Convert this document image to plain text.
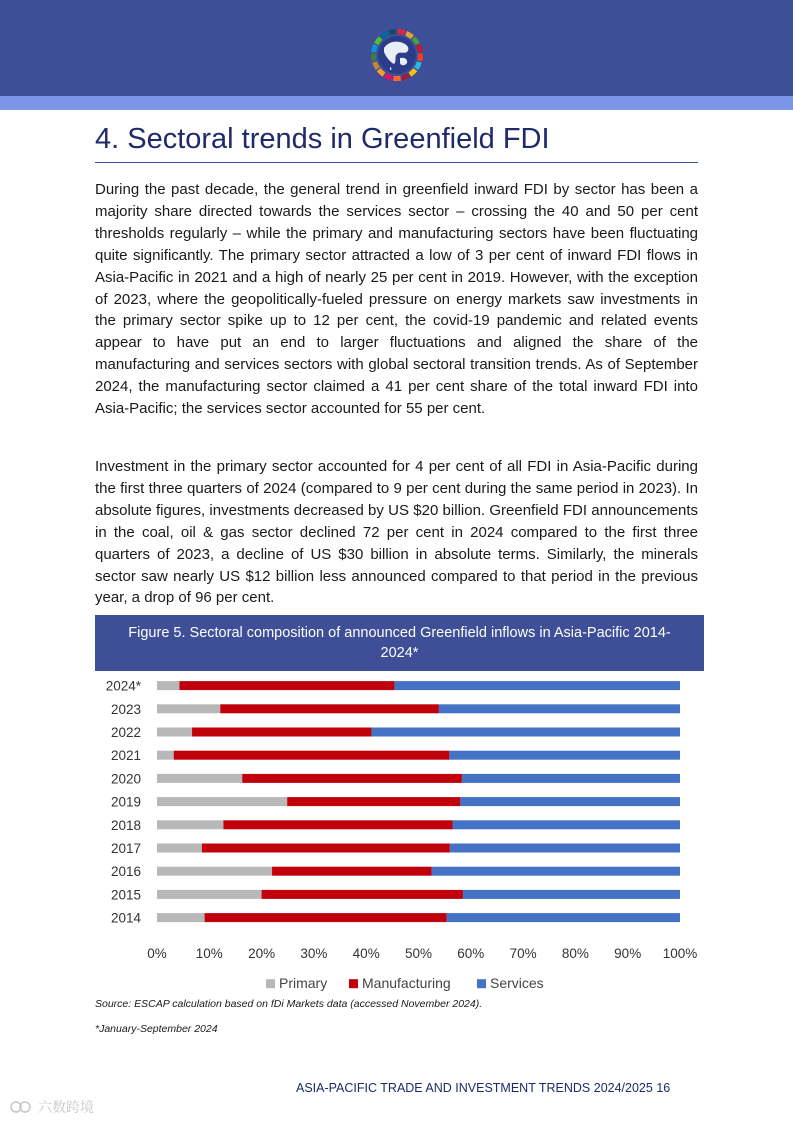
4. Sectoral trends in Greenfield FDI

During the past decade, the general trend in greenfield inward FDI by sector has been a majority share directed towards the services sector – crossing the 40 and 50 per cent thresholds regularly – while the primary and manufacturing sectors have been fluctuating quite significantly. The primary sector attracted a low of 3 per cent of inward FDI flows in Asia-Pacific in 2021 and a high of nearly 25 per cent in 2019. However, with the exception of 2023, where the geopolitically-fueled pressure on energy markets saw investments in the primary sector spike up to 12 per cent, the covid-19 pandemic and related events appear to have put an end to larger fluctuations and aligned the share of the manufacturing and services sectors with global sectoral transition trends. As of September 2024, the manufacturing sector claimed a 41 per cent share of the total inward FDI into Asia-Pacific; the services sector accounted for 55 per cent.

Investment in the primary sector accounted for 4 per cent of all FDI in Asia-Pacific during the first three quarters of 2024 (compared to 9 per cent during the same period in 2023). In absolute figures, investments decreased by US $20 billion. Greenfield FDI announcements in the coal, oil & gas sector declined 72 per cent in 2024 compared to the first three quarters of 2023, a decline of US $30 billion in absolute terms. Similarly, the minerals sector saw nearly US $12 billion less announced compared to that period in the previous year, a drop of 96 per cent.

Figure 5. Sectoral composition of announced Greenfield inflows in Asia-Pacific 2014-2024*
2024*
2023
2022
2021
2020
2019
2018
2017
2016
2015
2014
0% 10% 20% 30% 40% 50% 60% 70% 80% 90% 100%
Primary Manufacturing	Services
Source: ESCAP calculation based on fDi Markets data (accessed November 2024).
*January-September 2024
ASIA-PACIFIC TRADE AND INVESTMENT TRENDS 2024/2025 16
六数跨境
